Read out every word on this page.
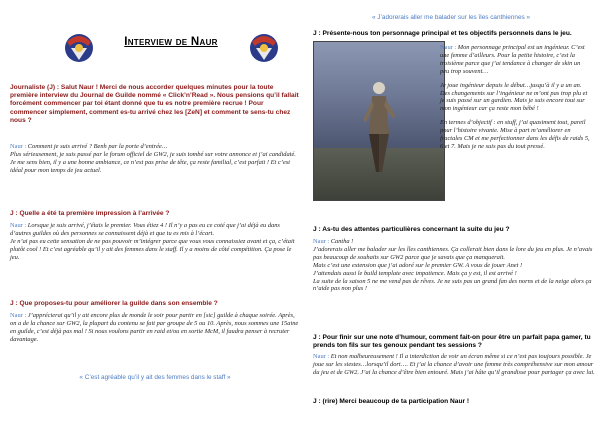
Interview de Naur

Journaliste (J) : Salut Naur ! Merci de nous accorder quelques minutes pour la toute première interview du Journal de Guilde nommé « Click’n’Read ». Nous pensions qu’il fallait forcément commencer par toi étant donné que tu es notre première recrue ! Pour commencer simplement, comment es-tu arrivé chez les [ZeN] et comment te sens-tu chez nous ?

Naur : Comment je suis arrivé ? Benh par la porte d’entrée…

Plus sérieusement, je suis passé par le forum officiel de GW2, je suis tombé sur votre annonce et j’ai candidaté.

Je me sens bien, il y a une bonne ambiance, ce n’est pas prise de tête, ça reste familial, c’est parfait ! Et c’est idéal pour mon temps de jeu actuel.

J : Quelle a été ta première impression à l’arrivée ?

Naur : Lorsque je suis arrivé, j’étais le premier. Vous étiez 4 ! Il n’y a pas eu ce coté que j’ai déjà eu dans d’autres guildes où des personnes se connaissent déjà et que tu es mis à l’écart.

Je n’ai pas eu cette sensation de ne pas pouvoir m’intégrer parce que vous vous connaissiez avant et ça, c’était plutôt cool ! Et c’est agréable qu’il y ait des femmes dans le staff. Il y a moins de côté compétition. Ça pose le jeu.

J : Que proposes-tu pour améliorer la guilde dans son ensemble ?

Naur : J’apprécierai qu’il y ait encore plus de monde le soir pour partir en [sic] guilde à chaque soirée. Après, on a de la chance sur GW2, la plupart du contenu se fait par groupe de 5 ou 10. Après, nous sommes une 15aine en guilde, c’est déjà pas mal ! Si nous voulons partir en raid et/ou en sortie McM, il faudra penser à recruter davantage.

« C’est agréable qu’il y ait des femmes dans le staff »

« J’adorerais aller me balader sur les îles canthiennes »

J : Présente-nous ton personnage principal et tes objectifs personnels dans le jeu.

Naur : Mon personnage principal est un ingénieur. C’est une femme d’ailleurs. Pour la petite histoire, c’est la troisième parce que j’ai tendance à changer de skin un peu trop souvent…

Je joue ingénieur depuis le début…jusqu’à il y a un an. Des changements sur l’ingénieur ne m’ont pas trop plu et je suis passé sur un gardien. Mais je suis encore tout sur mon ingénieur car ça reste mon bébé !

En termes d’objectif : en stuff, j’ai quasiment tout, pareil pour l’histoire vivante. Mise à part m’améliorer en fractales CM et me perfectionner dans les défis de raids 5, 6 et 7. Mais je ne suis pas du tout pressé.

J : As-tu des attentes particulières concernant la suite du jeu ?

Naur : Cantha !

J’adorerais aller me balader sur les îles canthiennes. Ça collerait bien dans le lore du jeu en plus. Je n’avais pas beaucoup de souhaits sur GW2 parce que je savais que ça manquerait.

Mais c’est une extension que j’ai adoré sur le premier GW. A vous de jouer Anet !

J’attendais aussi le build template avec impatience. Mais ça y est, il est arrivé !

La suite de la saison 5 ne me vend pas de rêves. Je ne suis pas un grand fan des norns et de la neige alors ça n’aide pas non plus !

J : Pour finir sur une note d’humour, comment fait-on pour être un parfait papa gamer, tu prends ton fils sur tes genoux pendant tes sessions ?

Naur : Et non malheureusement ! Il a interdiction de voir un écran même si ce n’est pas toujours possible. Je joue sur les siestes…lorsqu’il dort…. Et j’ai la chance d’avoir une femme très compréhensive sur mon amour du jeu et de GW2. J’ai la chance d’être bien entouré. Mais j’ai hâte qu’il grandisse pour partager ça avec lui.

J : (rire) Merci beaucoup de ta participation Naur !
